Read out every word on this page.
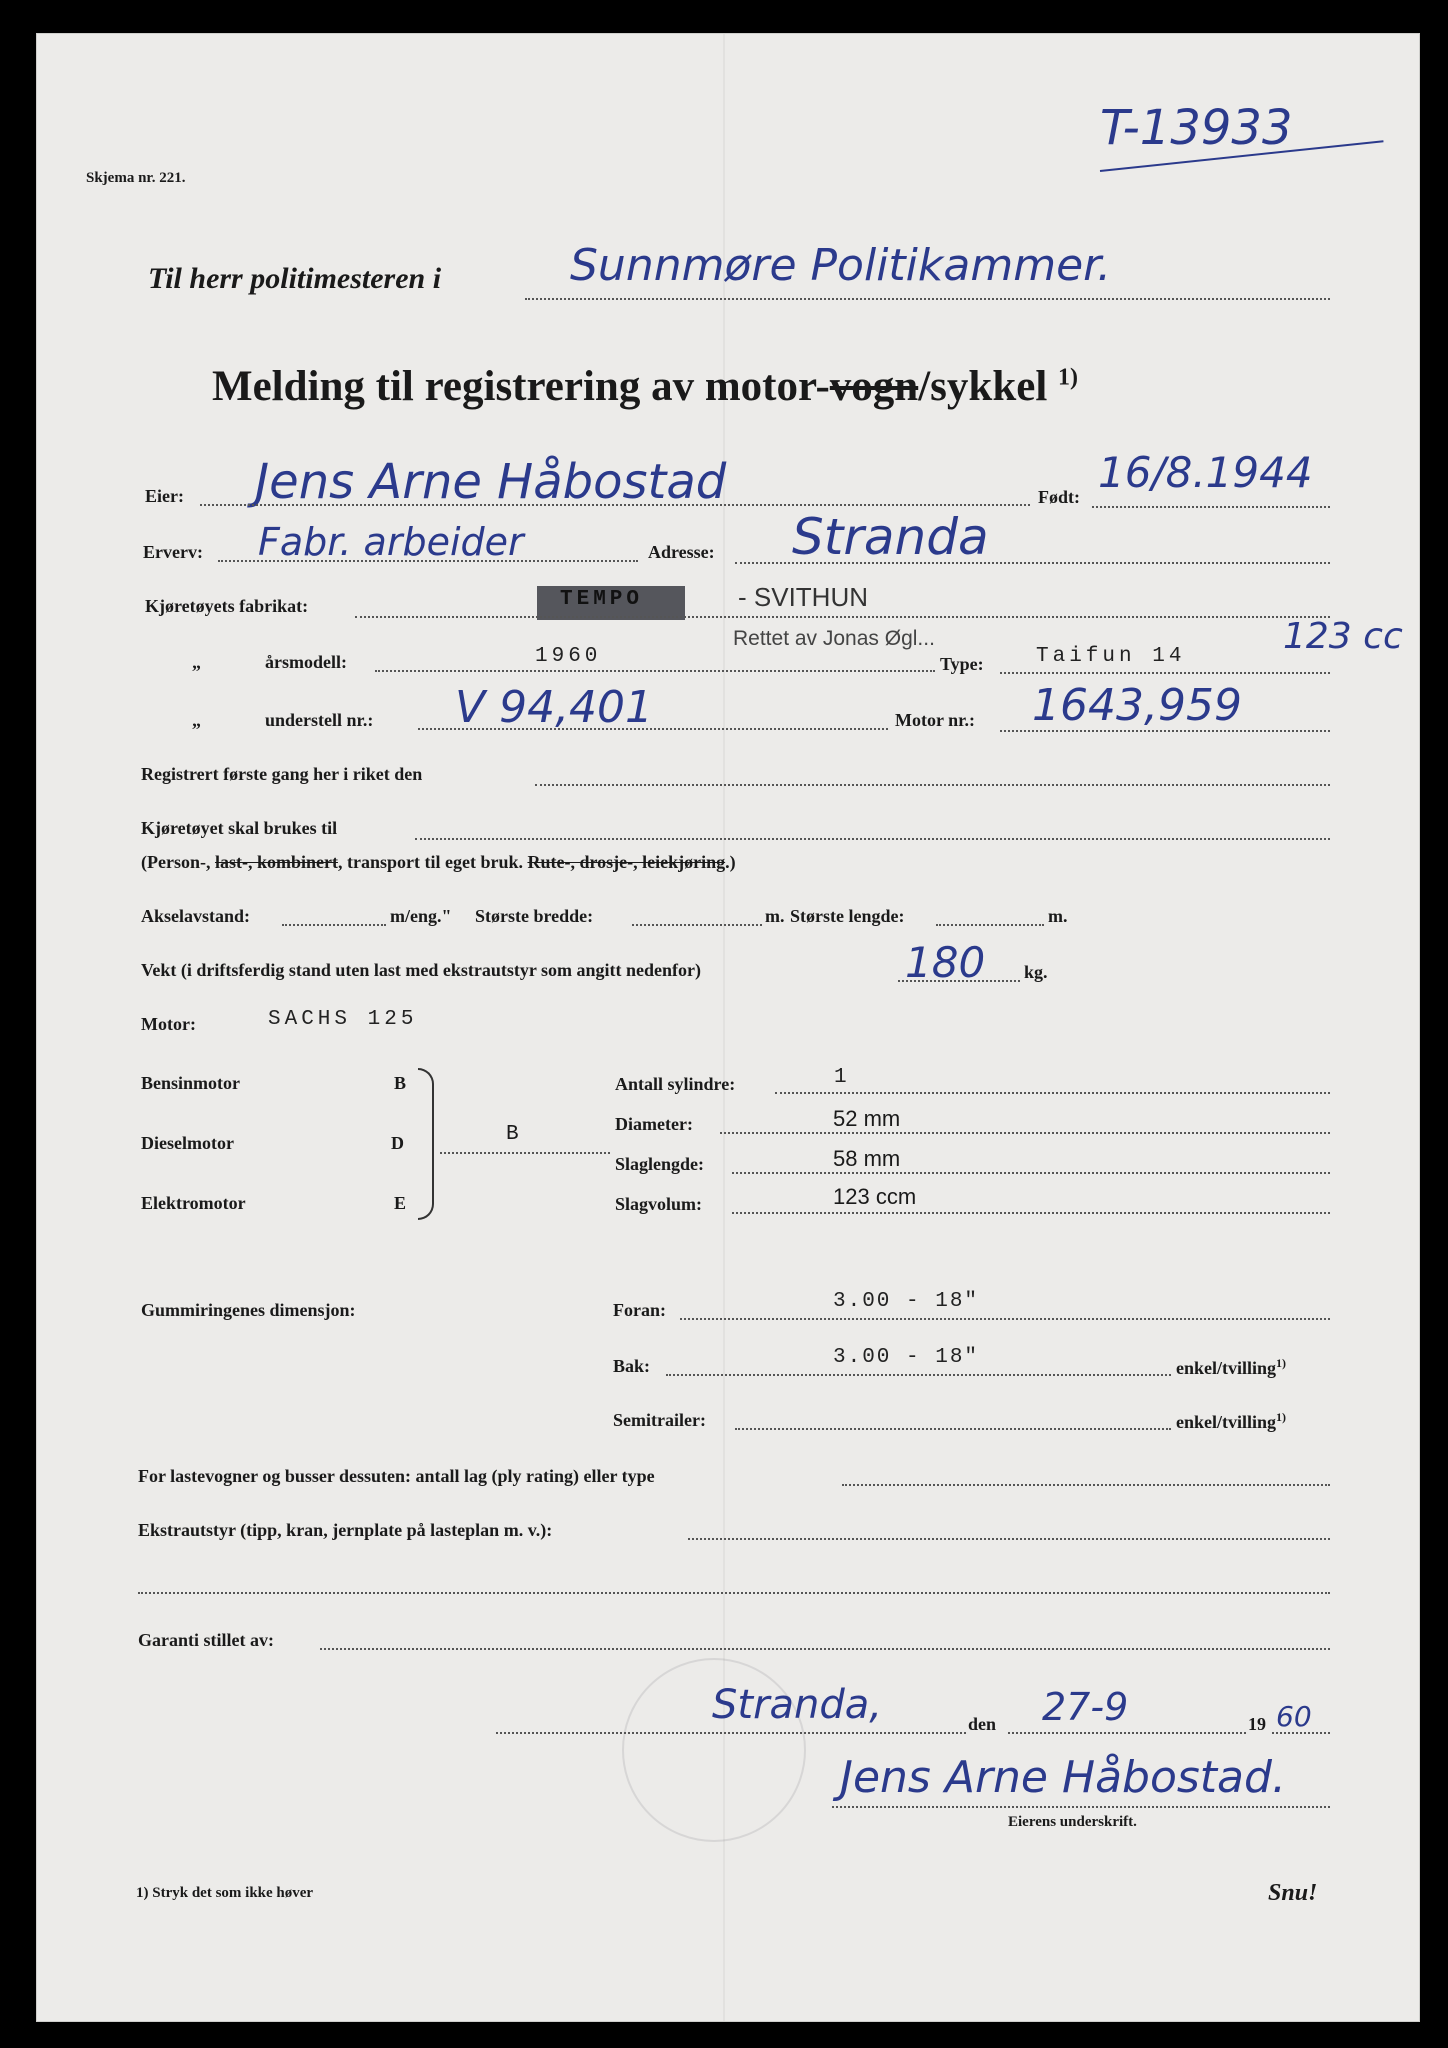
Skjema nr. 221.
T-13933
Til herr politimesteren i	Sunnmøre Politikammer.
Melding til registrering av motor-vogn/sykkel $^{1)}$
Eier: Jens Arne Håbostad	Født: 16/8.1944
Erverv: Fabr. arbeider	Adresse: Stranda
Kjøretøyets fabrikat:	TEMPO	- SVITHUN
Rettet av Jonas Øgl...
„	årsmodell:	1960	Type: Taifun 14	123 cc
„	understell nr.: V 94,401	Motor nr.: 1643,959
Registrert første gang her i riket den
Kjøretøyet skal brukes til
(Person-, last-, kombinert, transport til eget bruk. Rute-, drosje-, leiekjøring.)
Akselavstand:	m/eng." Største bredde:	m. Største lengde:	m.
Vekt (i driftsferdig stand uten last med ekstrautstyr som angitt nedenfor)	180 kg.
Motor:	SACHS 125
Bensinmotor	B
Dieselmotor	D
Elektromotor	E
B
Antall sylindre:	1
Diameter:	52 mm
Slaglengde:	58 mm
Slagvolum:	123 ccm
Gummiringenes dimensjon:	Foran:	3.00 - 18"
Bak:	3.00 - 18"	enkel/tvilling$^{1)}$
Semitrailer:	enkel/tvilling$^{1)}$
For lastevogner og busser dessuten: antall lag (ply rating) eller type
Ekstrautstyr (tipp, kran, jernplate på lasteplan m. v.):
Garanti stillet av:
Stranda,	den 27-9	19 60
Jens Arne Håbostad.
Eierens underskrift.
1) Stryk det som ikke høver	Snu!
